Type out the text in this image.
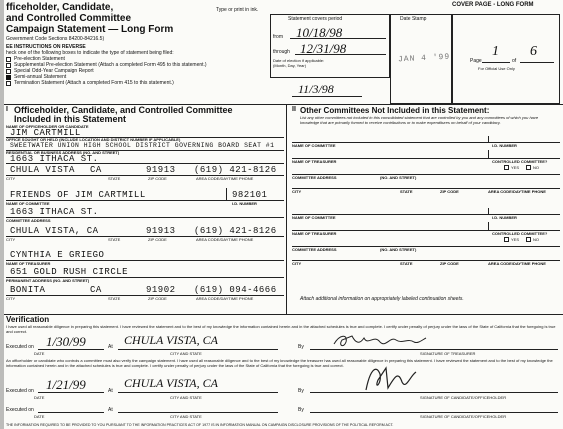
fficeholder, Candidate,
and Controlled Committee
Campaign Statement — Long Form
Government Code Sections 84200-84216.5)
Type or print in ink.
COVER PAGE - LONG FORM
EE INSTRUCTIONS ON REVERSE
heck one of the following boxes to indicate the type of statement being filed:
Pre-election Statement
Supplemental Pre-election Statement (Attach a completed Form 495 to this statement.)
Special Odd-Year Campaign Report
Semi-annual Statement
Termination Statement (Attach a completed Form 415 to this statement.)
Statement covers period
from 10/18/98
through 12/31/98
Date of election if applicable:
(Month, Day, Year)
11/3/98
Date Stamp
JAN 4 '99	Page
1
of
6
For Official Use Only
I Officeholder, Candidate, and Controlled Committee
Included in this Statement
NAME OF OFFICEHOLDER OR CANDIDATE
JIM CARTMILL
OFFICE SOUGHT OR HELD (INCLUDE LOCATION AND DISTRICT NUMBER IF APPLICABLE)
SWEETWATER UNION HIGH SCHOOL DISTRICT GOVERNING BOARD SEAT #1
RESIDENTIAL OR BUSINESS ADDRESS (NO. AND STREET)
1663 ITHACA ST.
CHULA VISTA CA	91913 (619) 421-8126
CITY	STATE	ZIP CODE	AREA CODE/DAYTIME PHONE
FRIENDS OF JIM CARTMILL	982101
NAME OF COMMITTEE	I.D. NUMBER
1663 ITHACA ST.
COMMITTEE ADDRESS
CHULA VISTA, CA	91913 (619) 421-8126
CITY	STATE	ZIP CODE	AREA CODE/DAYTIME PHONE
CYNTHIA E GRIEGO
NAME OF TREASURER
651 GOLD RUSH CIRCLE
PERMANENT ADDRESS (NO. AND STREET)
BONITA	CA	91902 (619) 094-4666
CITY	STATE	ZIP CODE	AREA CODE/DAYTIME PHONE
II Other Committees Not Included in this Statement:
List any other committees not included in this consolidated statement that are controlled by you and any committees of which you have knowledge that are primarily formed to receive contributions or to make expenditures on behalf of your candidacy.
NAME OF COMMITTEE	I.D. NUMBER
NAME OF TREASURER	CONTROLLED COMMITTEE?
YES	NO
COMMITTEE ADDRESS	(NO. AND STREET)
CITY	STATE	ZIP CODE	AREA CODE/DAYTIME PHONE
NAME OF COMMITTEE	I.D. NUMBER
NAME OF TREASURER	CONTROLLED COMMITTEE?
YES	NO
COMMITTEE ADDRESS	(NO. AND STREET)
CITY	STATE	ZIP CODE	AREA CODE/DAYTIME PHONE
Attach additional information on appropriately labeled continuation sheets.
Verification
I have used all reasonable diligence in preparing this statement. I have reviewed the statement and to the best of my knowledge the information contained herein and in the attached schedules is true and complete. I certify under penalty of perjury under the laws of the State of California that the foregoing is true and correct.
Executed on 1/30/99	At CHULA VISTA, CA	By
DATE	CITY AND STATE	SIGNATURE OF TREASURER
An officeholder or candidate who controls a committee must also verify the campaign statement. I have used all reasonable diligence and to the best of my knowledge the treasurer has used all reasonable diligence in preparing this statement. I have reviewed the statement and to the best of my knowledge the information contained herein and in the attached schedules is true and complete. I certify under penalty of perjury under the laws of the State of California that the foregoing is true and correct.
Executed on 1/21/99	At
CHULA VISTA, CA
By
DATE	CITY AND STATE	SIGNATURE OF CANDIDATE/OFFICEHOLDER
Executed on	At	By
DATE	CITY AND STATE	SIGNATURE OF CANDIDATE/OFFICEHOLDER
THE INFORMATION REQUIRED TO BE PROVIDED TO YOU PURSUANT TO THE INFORMATION PRACTICES ACT OF 1977 IS IN INFORMATION MANUAL ON CAMPAIGN DISCLOSURE PROVISIONS OF THE POLITICAL REFORM ACT.
